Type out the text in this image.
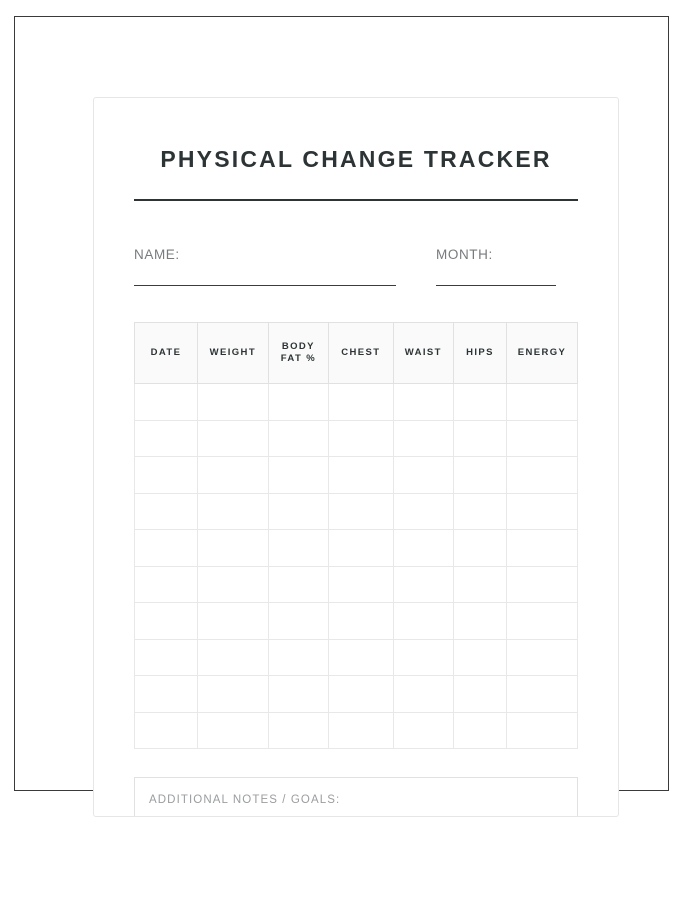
PHYSICAL CHANGE TRACKER
NAME:	MONTH:
DATE	WEIGHT	BODY FAT %	CHEST	WAIST	HIPS	ENERGY

ADDITIONAL NOTES / GOALS:
